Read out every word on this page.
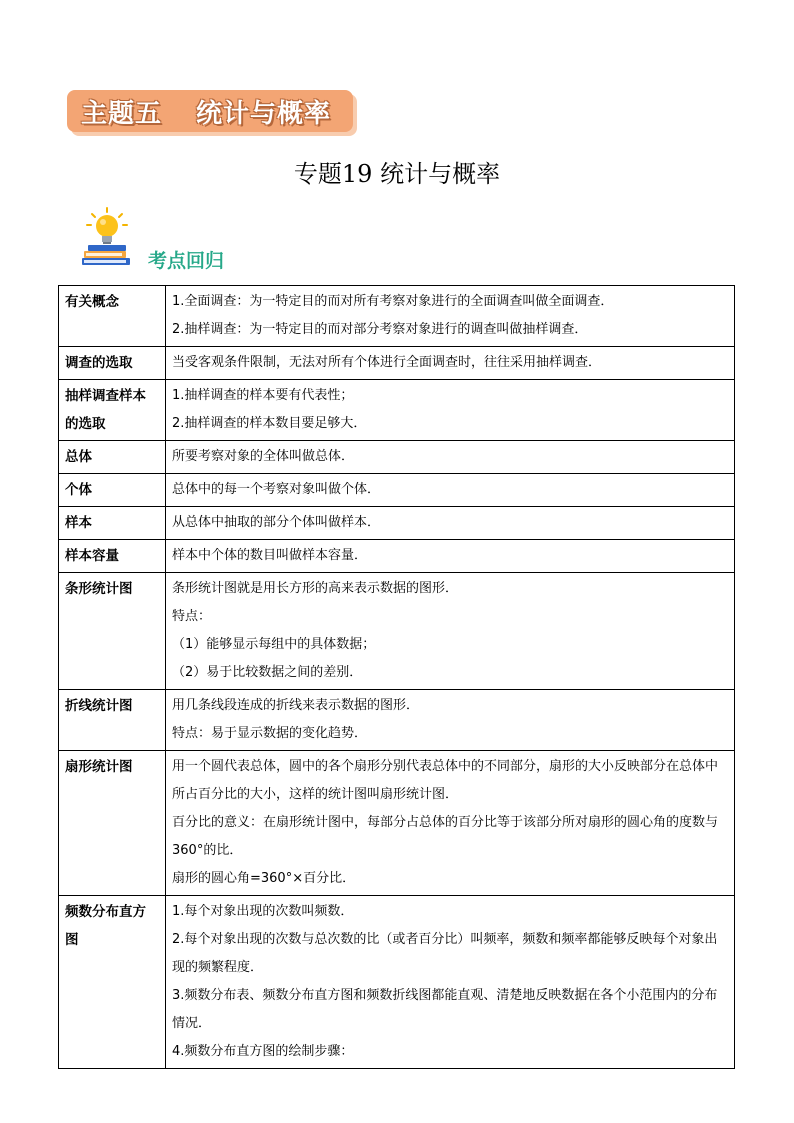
主题五 统计与概率
专题19 统计与概率
考点回归
有关概念	1.全面调查：为一特定目的而对所有考察对象进行的全面调查叫做全面调查．
2.抽样调查：为一特定目的而对部分考察对象进行的调查叫做抽样调查．

调查的选取	当受客观条件限制，无法对所有个体进行全面调查时，往往采用抽样调查．

抽样调查样本的选取	1.抽样调查的样本要有代表性；
2.抽样调查的样本数目要足够大．

总体	所要考察对象的全体叫做总体．

个体	总体中的每一个考察对象叫做个体．

样本	从总体中抽取的部分个体叫做样本．

样本容量	样本中个体的数目叫做样本容量．

条形统计图	条形统计图就是用长方形的高来表示数据的图形．
特点：
（1）能够显示每组中的具体数据；
（2）易于比较数据之间的差别．

折线统计图	用几条线段连成的折线来表示数据的图形．
特点：易于显示数据的变化趋势．

扇形统计图	用一个圆代表总体，圆中的各个扇形分别代表总体中的不同部分，扇形的大小反映部分在总体中所占百分比的大小，这样的统计图叫扇形统计图．
百分比的意义：在扇形统计图中，每部分占总体的百分比等于该部分所对扇形的圆心角的度数与360°的比．
扇形的圆心角=360°×百分比．

频数分布直方图	1.每个对象出现的次数叫频数．
2.每个对象出现的次数与总次数的比（或者百分比）叫频率，频数和频率都能够反映每个对象出现的频繁程度．
3.频数分布表、频数分布直方图和频数折线图都能直观、清楚地反映数据在各个小范围内的分布情况．
4.频数分布直方图的绘制步骤：
